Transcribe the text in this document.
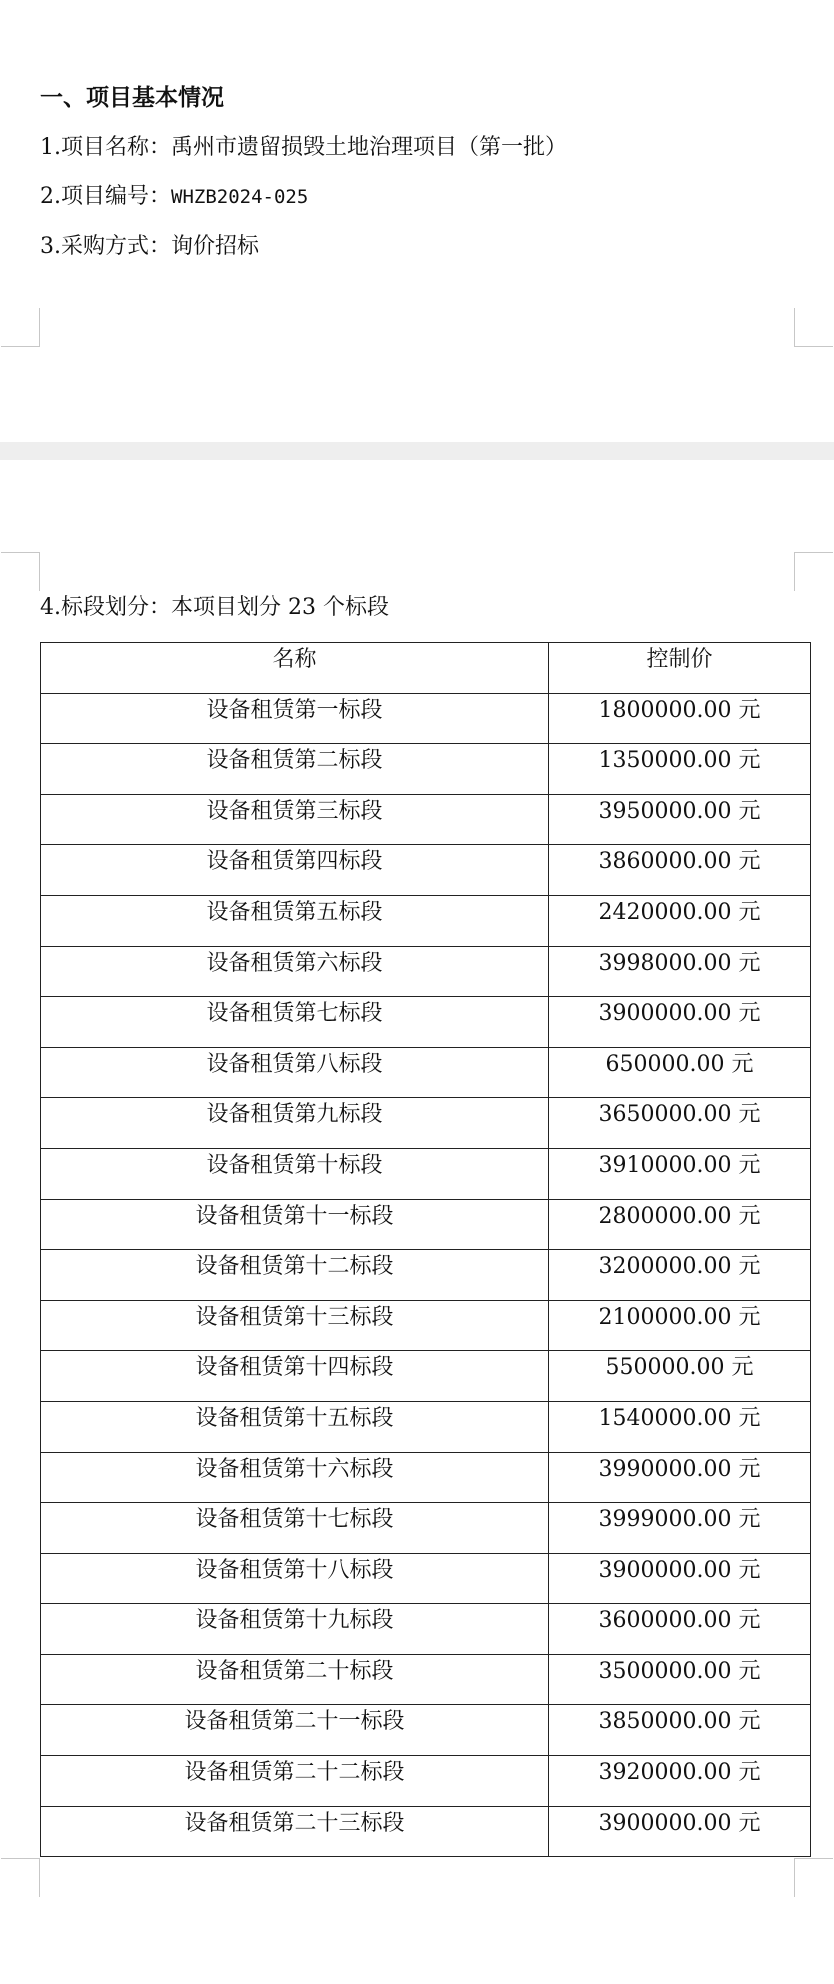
一、项目基本情况
1.项目名称：禹州市遗留损毁土地治理项目（第一批）
2.项目编号：WHZB2024-025
3.采购方式：询价招标
4.标段划分：本项目划分 23 个标段
名称	控制价
设备租赁第一标段	1800000.00 元
设备租赁第二标段	1350000.00 元
设备租赁第三标段	3950000.00 元
设备租赁第四标段	3860000.00 元
设备租赁第五标段	2420000.00 元
设备租赁第六标段	3998000.00 元
设备租赁第七标段	3900000.00 元
设备租赁第八标段	650000.00 元
设备租赁第九标段	3650000.00 元
设备租赁第十标段	3910000.00 元
设备租赁第十一标段	2800000.00 元
设备租赁第十二标段	3200000.00 元
设备租赁第十三标段	2100000.00 元
设备租赁第十四标段	550000.00 元
设备租赁第十五标段	1540000.00 元
设备租赁第十六标段	3990000.00 元
设备租赁第十七标段	3999000.00 元
设备租赁第十八标段	3900000.00 元
设备租赁第十九标段	3600000.00 元
设备租赁第二十标段	3500000.00 元
设备租赁第二十一标段	3850000.00 元
设备租赁第二十二标段	3920000.00 元
设备租赁第二十三标段	3900000.00 元
